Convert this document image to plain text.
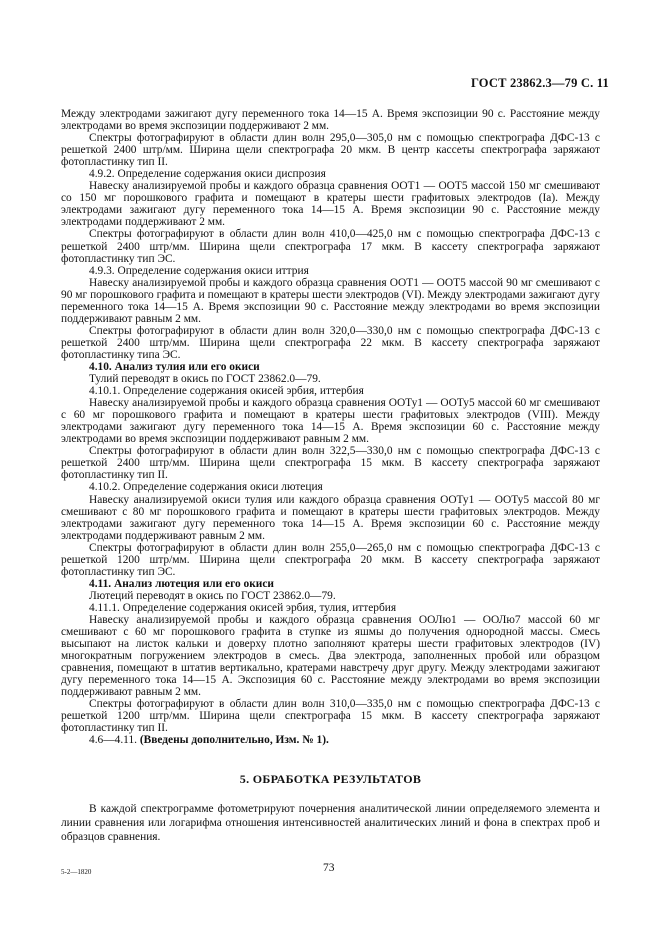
ГОСТ 23862.3—79 С. 11

Между электродами зажигают дугу переменного тока 14—15 А. Время экспозиции 90 с. Расстояние между электродами во время экспозиции поддерживают 2 мм.

Спектры фотографируют в области длин волн 295,0—305,0 нм с помощью спектрографа ДФС-13 с решеткой 2400 штр/мм. Ширина щели спектрографа 20 мкм. В центр кассеты спектрографа заряжают фотопластинку тип II.

4.9.2. Определение содержания окиси диспрозия

Навеску анализируемой пробы и каждого образца сравнения ООТ1 — ООТ5 массой 150 мг смешивают со 150 мг порошкового графита и помещают в кратеры шести графитовых электродов (Ia). Между электродами зажигают дугу переменного тока 14—15 А. Время экспозиции 90 с. Расстояние между электродами поддерживают 2 мм.

Спектры фотографируют в области длин волн 410,0—425,0 нм с помощью спектрографа ДФС-13 с решеткой 2400 штр/мм. Ширина щели спектрографа 17 мкм. В кассету спектрографа заряжают фотопластинку тип ЭС.

4.9.3. Определение содержания окиси иттрия

Навеску анализируемой пробы и каждого образца сравнения ООТ1 — ООТ5 массой 90 мг смешивают с 90 мг порошкового графита и помещают в кратеры шести электродов (VI). Между электродами зажигают дугу переменного тока 14—15 А. Время экспозиции 90 с. Расстояние между электродами во время экспозиции поддерживают равным 2 мм.

Спектры фотографируют в области длин волн 320,0—330,0 нм с помощью спектрографа ДФС-13 с решеткой 2400 штр/мм. Ширина щели спектрографа 22 мкм. В кассету спектрографа заряжают фотопластинку типа ЭС.

4.10. Анализ тулия или его окиси

Тулий переводят в окись по ГОСТ 23862.0—79.

4.10.1. Определение содержания окисей эрбия, иттербия

Навеску анализируемой пробы и каждого образца сравнения ООТу1 — ООТу5 массой 60 мг смешивают с 60 мг порошкового графита и помещают в кратеры шести графитовых электродов (VIII). Между электродами зажигают дугу переменного тока 14—15 А. Время экспозиции 60 с. Расстояние между электродами во время экспозиции поддерживают равным 2 мм.

Спектры фотографируют в области длин волн 322,5—330,0 нм с помощью спектрографа ДФС-13 с решеткой 2400 штр/мм. Ширина щели спектрографа 15 мкм. В кассету спектрографа заряжают фотопластинку тип II.

4.10.2. Определение содержания окиси лютеция

Навеску анализируемой окиси тулия или каждого образца сравнения ООТу1 — ООТу5 массой 80 мг смешивают с 80 мг порошкового графита и помещают в кратеры шести графитовых электродов. Между электродами зажигают дугу переменного тока 14—15 А. Время экспозиции 60 с. Расстояние между электродами поддерживают равным 2 мм.

Спектры фотографируют в области длин волн 255,0—265,0 нм с помощью спектрографа ДФС-13 с решеткой 1200 штр/мм. Ширина щели спектрографа 20 мкм. В кассету спектрографа заряжают фотопластинку тип ЭС.

4.11. Анализ лютеция или его окиси

Лютеций переводят в окись по ГОСТ 23862.0—79.

4.11.1. Определение содержания окисей эрбия, тулия, иттербия

Навеску анализируемой пробы и каждого образца сравнения ООЛю1 — ООЛю7 массой 60 мг смешивают с 60 мг порошкового графита в ступке из яшмы до получения однородной массы. Смесь высыпают на листок кальки и доверху плотно заполняют кратеры шести графитовых электродов (IV) многократным погружением электродов в смесь. Два электрода, заполненных пробой или образцом сравнения, помещают в штатив вертикально, кратерами навстречу друг другу. Между электродами зажигают дугу переменного тока 14—15 А. Экспозиция 60 с. Расстояние между электродами во время экспозиции поддерживают равным 2 мм.

Спектры фотографируют в области длин волн 310,0—335,0 нм с помощью спектрографа ДФС-13 с решеткой 1200 штр/мм. Ширина щели спектрографа 15 мкм. В кассету спектрографа заряжают фотопластинку тип II.

4.6—4.11. (Введены дополнительно, Изм. № 1).

5. ОБРАБОТКА РЕЗУЛЬТАТОВ

В каждой спектрограмме фотометрируют почернения аналитической линии определяемого элемента и линии сравнения или логарифма отношения интенсивностей аналитических линий и фона в спектрах проб и образцов сравнения.

5-2—1820	73
